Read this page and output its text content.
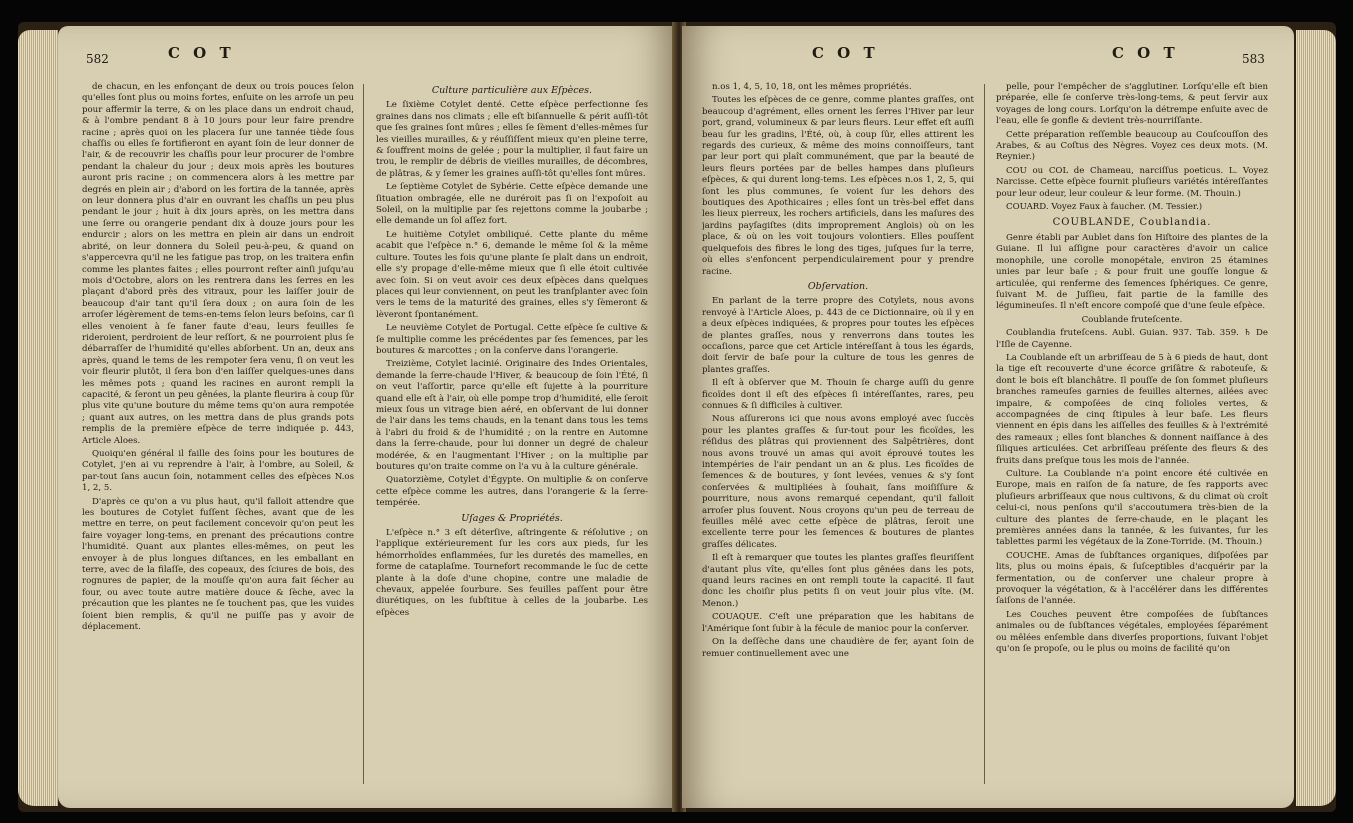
582	C O T

de chacun, en les enfonçant de deux ou trois pouces ſelon qu'elles ſont plus ou moins fortes, enſuite on les arroſe un peu pour affermir la terre, & on les place dans un endroit chaud, & à l'ombre pendant 8 à 10 jours pour leur faire prendre racine ; après quoi on les placera ſur une tannée tiède ſous chaſſis ou elles ſe fortifieront en ayant ſoin de leur donner de l'air, & de recouvrir les chaſſis pour leur procurer de l'ombre pendant la chaleur du jour ; deux mois après les boutures auront pris racine ; on commencera alors à les mettre par degrés en plein air ; d'abord on les fortira de la tannée, après on leur donnera plus d'air en ouvrant les chaſſis un peu plus pendant le jour ; huit à dix jours après, on les mettra dans une ſerre ou orangerie pendant dix à douze jours pour les endurcir ; alors on les mettra en plein air dans un endroit abrité, on leur donnera du Soleil peu-à-peu, & quand on s'appercevra qu'il ne les fatigue pas trop, on les traitera enfin comme les plantes faites ; elles pourront reſter ainſi juſqu'au mois d'Octobre, alors on les rentrera dans les ſerres en les plaçant d'abord près des vitraux, pour les laiſſer jouir de beaucoup d'air tant qu'il ſera doux ; on aura ſoin de les arroſer légèrement de tems-en-tems ſelon leurs beſoins, car ſi elles venoient à ſe faner faute d'eau, leurs feuilles ſe rideroient, perdroient de leur reſſort, & ne pourroient plus ſe débarraſſer de l'humidité qu'elles abſorbent. Un an, deux ans après, quand le tems de les rempoter ſera venu, ſi on veut les voir fleurir plutôt, il ſera bon d'en laiſſer quelques-unes dans les mêmes pots ; quand les racines en auront rempli la capacité, & ſeront un peu gênées, la plante fleurira à coup ſûr plus vite qu'une bouture du même tems qu'on aura rempotée ; quant aux autres, on les mettra dans de plus grands pots remplis de la première eſpèce de terre indiquée p. 443, Article Aloes.

Quoiqu'en général il faille des ſoins pour les boutures de Cotylet, j'en ai vu reprendre à l'air, à l'ombre, au Soleil, & par-tout ſans aucun ſoin, notamment celles des eſpèces N.os 1, 2, 5.

D'après ce qu'on a vu plus haut, qu'il falloit attendre que les boutures de Cotylet fuſſent ſèches, avant que de les mettre en terre, on peut facilement concevoir qu'on peut les faire voyager long-tems, en prenant des précautions contre l'humidité. Quant aux plantes elles-mêmes, on peut les envoyer à de plus longues diſtances, en les emballant en terre, avec de la filaſſe, des copeaux, des ſciures de bois, des rognures de papier, de la mouſſe qu'on aura fait ſécher au four, ou avec toute autre matière douce & ſèche, avec la précaution que les plantes ne ſe touchent pas, que les vuides ſoient bien remplis, & qu'il ne puiſſe pas y avoir de déplacement.

Culture particulière aux Eſpèces.

Le ſixième Cotylet denté. Cette eſpèce perfectionne ſes graines dans nos climats ; elle eſt biſannuelle & périt auſſi-tôt que ſes graines ſont mûres ; elles ſe ſèment d'elles-mêmes ſur les vieilles murailles, & y réuſſiſſent mieux qu'en pleine terre, & ſouffrent moins de gelée ; pour la multiplier, il faut faire un trou, le remplir de débris de vieilles murailles, de décombres, de plâtras, & y ſemer les graines auſſi-tôt qu'elles ſont mûres.

Le ſeptième Cotylet de Sybérie. Cette eſpèce demande une ſituation ombragée, elle ne duréroit pas ſi on l'expoſoit au Soleil, on la multiplie par ſes rejettons comme la joubarbe ; elle demande un ſol aſſez fort.

Le huitième Cotylet ombiliqué. Cette plante du même acabit que l'eſpèce n.° 6, demande le même ſol & la même culture. Toutes les fois qu'une plante ſe plaît dans un endroit, elle s'y propage d'elle-même mieux que ſi elle étoit cultivée avec ſoin. Si on veut avoir ces deux eſpèces dans quelques places qui leur conviennent, on peut les tranſplanter avec ſoin vers le tems de la maturité des graines, elles s'y ſèmeront & lèveront ſpontanément.

Le neuvième Cotylet de Portugal. Cette eſpèce ſe cultive & ſe multiplie comme les précédentes par ſes ſemences, par les boutures & marcottes ; on la conſerve dans l'orangerie.

Treizième, Cotylet lacinié. Originaire des Indes Orientales, demande la ſerre-chaude l'Hiver, & beaucoup de ſoin l'Été, ſi on veut l'aſſortir, parce qu'elle eſt ſujette à la pourriture quand elle eſt à l'air, où elle pompe trop d'humidité, elle ſeroit mieux ſous un vitrage bien aéré, en obſervant de lui donner de l'air dans les tems chauds, en la tenant dans tous les tems à l'abri du froid & de l'humidité ; on la rentre en Automne dans la ſerre-chaude, pour lui donner un degré de chaleur modérée, & en l'augmentant l'Hiver ; on la multiplie par boutures qu'on traite comme on l'a vu à la culture générale.

Quatorzième, Cotylet d'Égypte. On multiplie & on conſerve cette eſpèce comme les autres, dans l'orangerie & la ſerre-tempérée.

Uſages & Propriétés.

L'eſpèce n.° 3 eſt déterſive, aſtringente & réſolutive ; on l'applique extérieurement ſur les cors aux pieds, ſur les hémorrhoïdes enflammées, ſur les duretés des mamelles, en forme de cataplaſme. Tournefort recommande le ſuc de cette plante à la doſe d'une chopine, contre une maladie de chevaux, appelée ſourbure. Ses feuilles paſſent pour être diurétiques, on les ſubſtitue à celles de la joubarbe. Les eſpèces

C O T	C O T	583

n.os 1, 4, 5, 10, 18, ont les mêmes propriétés.

Toutes les eſpèces de ce genre, comme plantes graſſes, ont beaucoup d'agrément, elles ornent les ſerres l'Hiver par leur port, grand, volumineux & par leurs fleurs. Leur effet eſt auſſi beau ſur les gradins, l'Été, où, à coup ſûr, elles attirent les regards des curieux, & même des moins connoiſſeurs, tant par leur port qui plaît communément, que par la beauté de leurs fleurs portées par de belles hampes dans pluſieurs eſpèces, & qui durent long-tems. Les eſpèces n.os 1, 2, 5, qui ſont les plus communes, ſe voient ſur les dehors des boutiques des Apothicaires ; elles ſont un très-bel effet dans les lieux pierreux, les rochers artificiels, dans les maſures des jardins payſagiſtes (dits improprement Anglois) où on les place, & où on les voit toujours volontiers. Elles pouſſent quelquefois des fibres le long des tiges, juſques ſur la terre, où elles s'enfoncent perpendiculairement pour y prendre racine.

Obſervation.

En parlant de la terre propre des Cotylets, nous avons renvoyé à l'Article Aloes, p. 443 de ce Dictionnaire, où il y en a deux eſpèces indiquées, & propres pour toutes les eſpèces de plantes graſſes, nous y renverrons dans toutes les occaſions, parce que cet Article intéreſſant à tous les égards, doit ſervir de baſe pour la culture de tous les genres de plantes graſſes.

Il eſt à obſerver que M. Thouin ſe charge auſſi du genre ficoïdes dont il eſt des eſpèces ſi intéreſſantes, rares, peu connues & ſi difficiles à cultiver.

Nous aſſurerons ici que nous avons employé avec ſuccès pour les plantes graſſes & ſur-tout pour les ficoïdes, les réſidus des plâtras qui proviennent des Salpêtrières, dont nous avons trouvé un amas qui avoit éprouvé toutes les intempéries de l'air pendant un an & plus. Les ficoïdes de ſemences & de boutures, y ſont levées, venues & s'y ſont conſervées & multipliées à ſouhait, ſans moiſiſſure & pourriture, nous avons remarqué cependant, qu'il falloit arroſer plus ſouvent. Nous croyons qu'un peu de terreau de feuilles mêlé avec cette eſpèce de plâtras, ſeroit une excellente terre pour les ſemences & boutures de plantes graſſes délicates.

Il eſt à remarquer que toutes les plantes graſſes fleuriſſent d'autant plus vîte, qu'elles ſont plus gênées dans les pots, quand leurs racines en ont rempli toute la capacité. Il faut donc les choiſir plus petits ſi on veut jouir plus vîte. (M. Menon.)

COUAQUE. C'eſt une préparation que les habitans de l'Amérique ſont ſubir à la fécule de manioc pour la conſerver.

On la deſſèche dans une chaudière de fer, ayant ſoin de remuer continuellement avec une

pelle, pour l'empêcher de s'agglutiner. Lorſqu'elle eſt bien préparée, elle ſe conſerve très-long-tems, & peut ſervir aux voyages de long cours. Lorſqu'on la détrempe enſuite avec de l'eau, elle ſe gonfle & devient très-nourriſſante.

Cette préparation reſſemble beaucoup au Couſcouſſon des Arabes, & au Coſtus des Nègres. Voyez ces deux mots. (M. Reynier.)

COU ou COL de Chameau, narciſſus poeticus. L. Voyez Narcisse. Cette eſpèce fournit pluſieurs variétés intéreſſantes pour leur odeur, leur couleur & leur forme. (M. Thouin.)

COUARD. Voyez Faux à faucher. (M. Tessier.)

COUBLANDE, Coublandia.

Genre établi par Aublet dans ſon Hiſtoire des plantes de la Guiane. Il lui aſſigne pour caractères d'avoir un calice monophile, une corolle monopétale, environ 25 étamines unies par leur baſe ; & pour fruit une gouſſe longue & articulée, qui renferme des ſemences ſphériques. Ce genre, ſuivant M. de Juſſieu, fait partie de la famille des légumineuſes. Il n'eſt encore compoſé que d'une ſeule eſpèce.

Coublande fruteſcente.

Coublandia fruteſcens. Aubl. Guian. 937. Tab. 359. ♄ De l'Iſle de Cayenne.

La Coublande eſt un arbriſſeau de 5 à 6 pieds de haut, dont la tige eſt recouverte d'une écorce griſâtre & raboteuſe, & dont le bois eſt blanchâtre. Il pouſſe de ſon ſommet pluſieurs branches rameuſes garnies de feuilles alternes, ailées avec impaire, & compoſées de cinq folioles vertes, & accompagnées de cinq ſtipules à leur baſe. Les fleurs viennent en épis dans les aiſſelles des feuilles & à l'extrémité des rameaux ; elles ſont blanches & donnent naiſſance à des ſiliques articulées. Cet arbriſſeau préſente des fleurs & des fruits dans preſque tous les mois de l'année.

Culture. La Coublande n'a point encore été cultivée en Europe, mais en raiſon de ſa nature, de ſes rapports avec pluſieurs arbriſſeaux que nous cultivons, & du climat où croît celui-ci, nous penſons qu'il s'accoutumera très-bien de la culture des plantes de ſerre-chaude, en le plaçant les premières années dans la tannée, & les ſuivantes, ſur les tablettes parmi les végétaux de la Zone-Torride. (M. Thouin.)

COUCHE. Amas de ſubſtances organiques, diſpoſées par lits, plus ou moins épais, & ſuſceptibles d'acquérir par la fermentation, ou de conſerver une chaleur propre à provoquer la végétation, & à l'accélérer dans les différentes ſaiſons de l'année.

Les Couches peuvent être compoſées de ſubſtances animales ou de ſubſtances végétales, employées ſéparément ou mêlées enſemble dans diverſes proportions, ſuivant l'objet qu'on ſe propoſe, ou le plus ou moins de facilité qu'on
